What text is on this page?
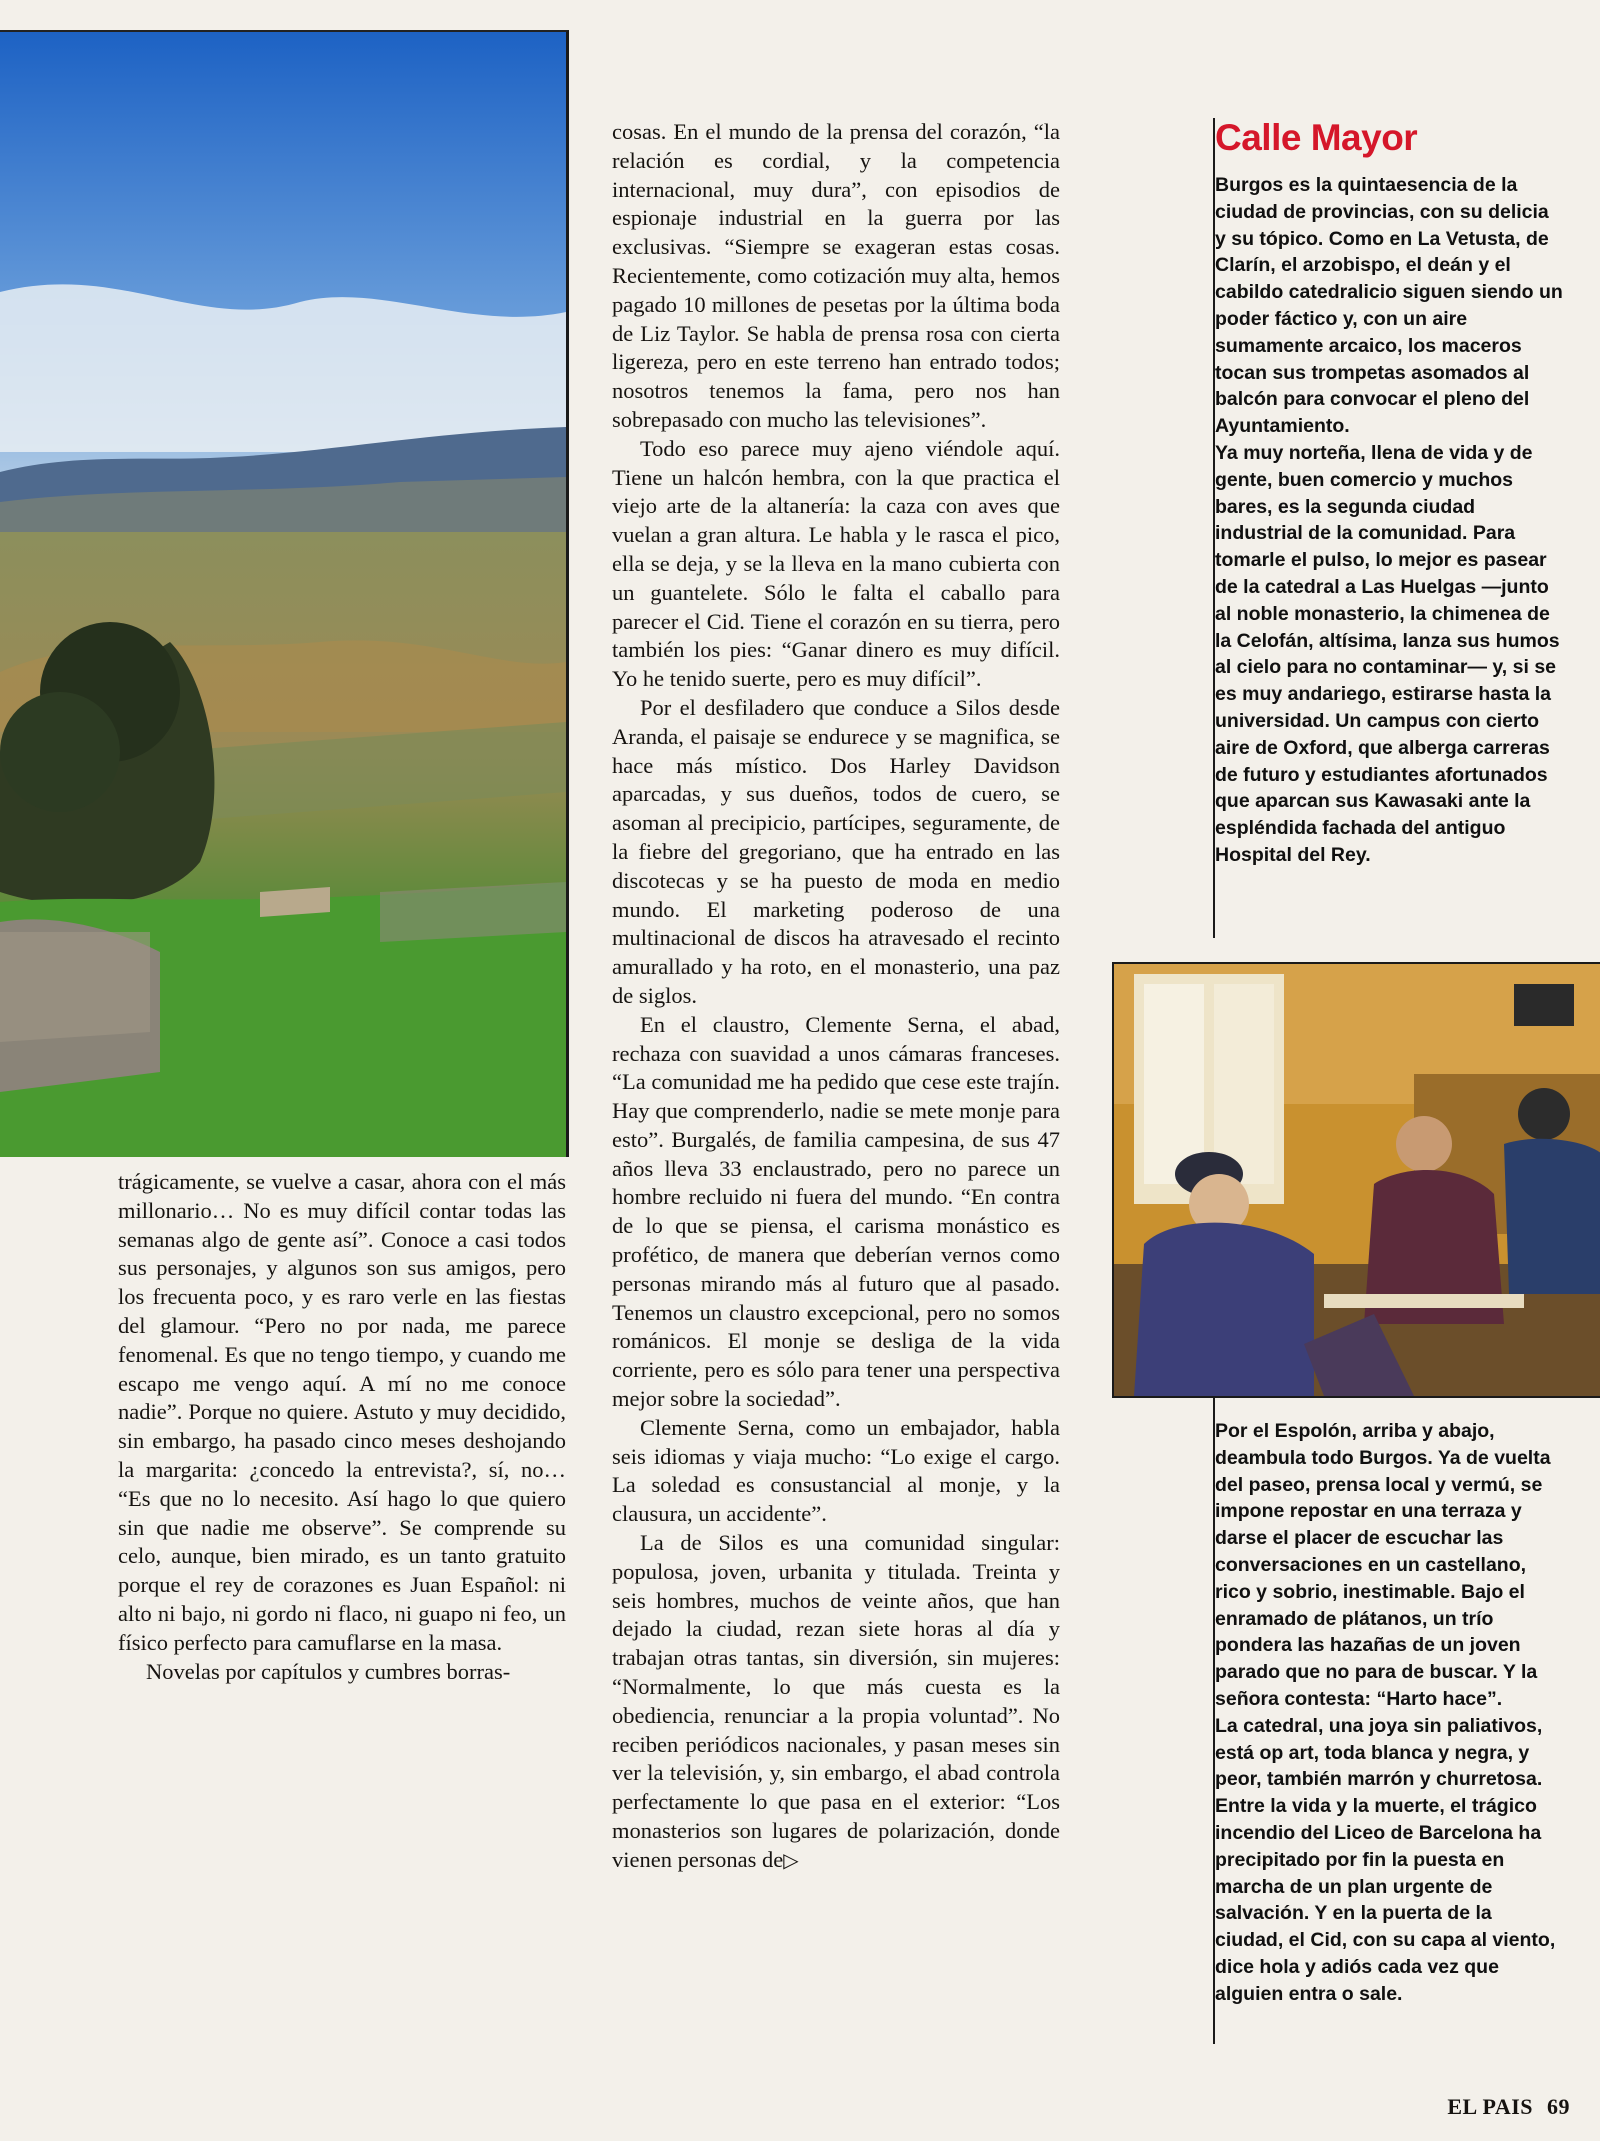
trágicamente, se vuelve a casar, ahora con el más millonario… No es muy difícil contar todas las semanas algo de gente así”. Conoce a casi todos sus personajes, y algunos son sus amigos, pero los frecuenta poco, y es raro verle en las fiestas del glamour. “Pero no por nada, me parece fenomenal. Es que no tengo tiempo, y cuando me escapo me vengo aquí. A mí no me conoce nadie”. Porque no quiere. Astuto y muy decidido, sin embargo, ha pasado cinco meses deshojando la margarita: ¿concedo la entrevista?, sí, no… “Es que no lo necesito. Así hago lo que quiero sin que nadie me observe”. Se comprende su celo, aunque, bien mirado, es un tanto gratuito porque el rey de corazones es Juan Español: ni alto ni bajo, ni gordo ni flaco, ni guapo ni feo, un físico perfecto para camuflarse en la masa.

Novelas por capítulos y cumbres borras-

cosas. En el mundo de la prensa del corazón, “la relación es cordial, y la competencia internacional, muy dura”, con episodios de espionaje industrial en la guerra por las exclusivas. “Siempre se exageran estas cosas. Recientemente, como cotización muy alta, hemos pagado 10 millones de pesetas por la última boda de Liz Taylor. Se habla de prensa rosa con cierta ligereza, pero en este terreno han entrado todos; nosotros tenemos la fama, pero nos han sobrepasado con mucho las televisiones”.

Todo eso parece muy ajeno viéndole aquí. Tiene un halcón hembra, con la que practica el viejo arte de la altanería: la caza con aves que vuelan a gran altura. Le habla y le rasca el pico, ella se deja, y se la lleva en la mano cubierta con un guantelete. Sólo le falta el caballo para parecer el Cid. Tiene el corazón en su tierra, pero también los pies: “Ganar dinero es muy difícil. Yo he tenido suerte, pero es muy difícil”.

Por el desfiladero que conduce a Silos desde Aranda, el paisaje se endurece y se magnifica, se hace más místico. Dos Harley Davidson aparcadas, y sus dueños, todos de cuero, se asoman al precipicio, partícipes, seguramente, de la fiebre del gregoriano, que ha entrado en las discotecas y se ha puesto de moda en medio mundo. El marketing poderoso de una multinacional de discos ha atravesado el recinto amurallado y ha roto, en el monasterio, una paz de siglos.

En el claustro, Clemente Serna, el abad, rechaza con suavidad a unos cámaras franceses. “La comunidad me ha pedido que cese este trajín. Hay que comprenderlo, nadie se mete monje para esto”. Burgalés, de familia campesina, de sus 47 años lleva 33 enclaustrado, pero no parece un hombre recluido ni fuera del mundo. “En contra de lo que se piensa, el carisma monástico es profético, de manera que deberían vernos como personas mirando más al futuro que al pasado. Tenemos un claustro excepcional, pero no somos románicos. El monje se desliga de la vida corriente, pero es sólo para tener una perspectiva mejor sobre la sociedad”.

Clemente Serna, como un embajador, habla seis idiomas y viaja mucho: “Lo exige el cargo. La soledad es consustancial al monje, y la clausura, un accidente”.

La de Silos es una comunidad singular: populosa, joven, urbanita y titulada. Treinta y seis hombres, muchos de veinte años, que han dejado la ciudad, rezan siete horas al día y trabajan otras tantas, sin diversión, sin mujeres: “Normalmente, lo que más cuesta es la obediencia, renunciar a la propia voluntad”. No reciben periódicos nacionales, y pasan meses sin ver la televisión, y, sin embargo, el abad controla perfectamente lo que pasa en el exterior: “Los monasterios son lugares de polarización, donde vienen personas de▷

Calle Mayor

Burgos es la quintaesencia de la ciudad de provincias, con su delicia y su tópico. Como en La Vetusta, de Clarín, el arzobispo, el deán y el cabildo catedralicio siguen siendo un poder fáctico y, con un aire sumamente arcaico, los maceros tocan sus trompetas asomados al balcón para convocar el pleno del Ayuntamiento.

Ya muy norteña, llena de vida y de gente, buen comercio y muchos bares, es la segunda ciudad industrial de la comunidad. Para tomarle el pulso, lo mejor es pasear de la catedral a Las Huelgas —junto al noble monasterio, la chimenea de la Celofán, altísima, lanza sus humos al cielo para no contaminar— y, si se es muy andariego, estirarse hasta la universidad. Un campus con cierto aire de Oxford, que alberga carreras de futuro y estudiantes afortunados que aparcan sus Kawasaki ante la espléndida fachada del antiguo Hospital del Rey.

Por el Espolón, arriba y abajo, deambula todo Burgos. Ya de vuelta del paseo, prensa local y vermú, se impone repostar en una terraza y darse el placer de escuchar las conversaciones en un castellano, rico y sobrio, inestimable. Bajo el enramado de plátanos, un trío pondera las hazañas de un joven parado que no para de buscar. Y la señora contesta: “Harto hace”.

La catedral, una joya sin paliativos, está op art, toda blanca y negra, y peor, también marrón y churretosa. Entre la vida y la muerte, el trágico incendio del Liceo de Barcelona ha precipitado por fin la puesta en marcha de un plan urgente de salvación. Y en la puerta de la ciudad, el Cid, con su capa al viento, dice hola y adiós cada vez que alguien entra o sale.

EL PAIS 69
